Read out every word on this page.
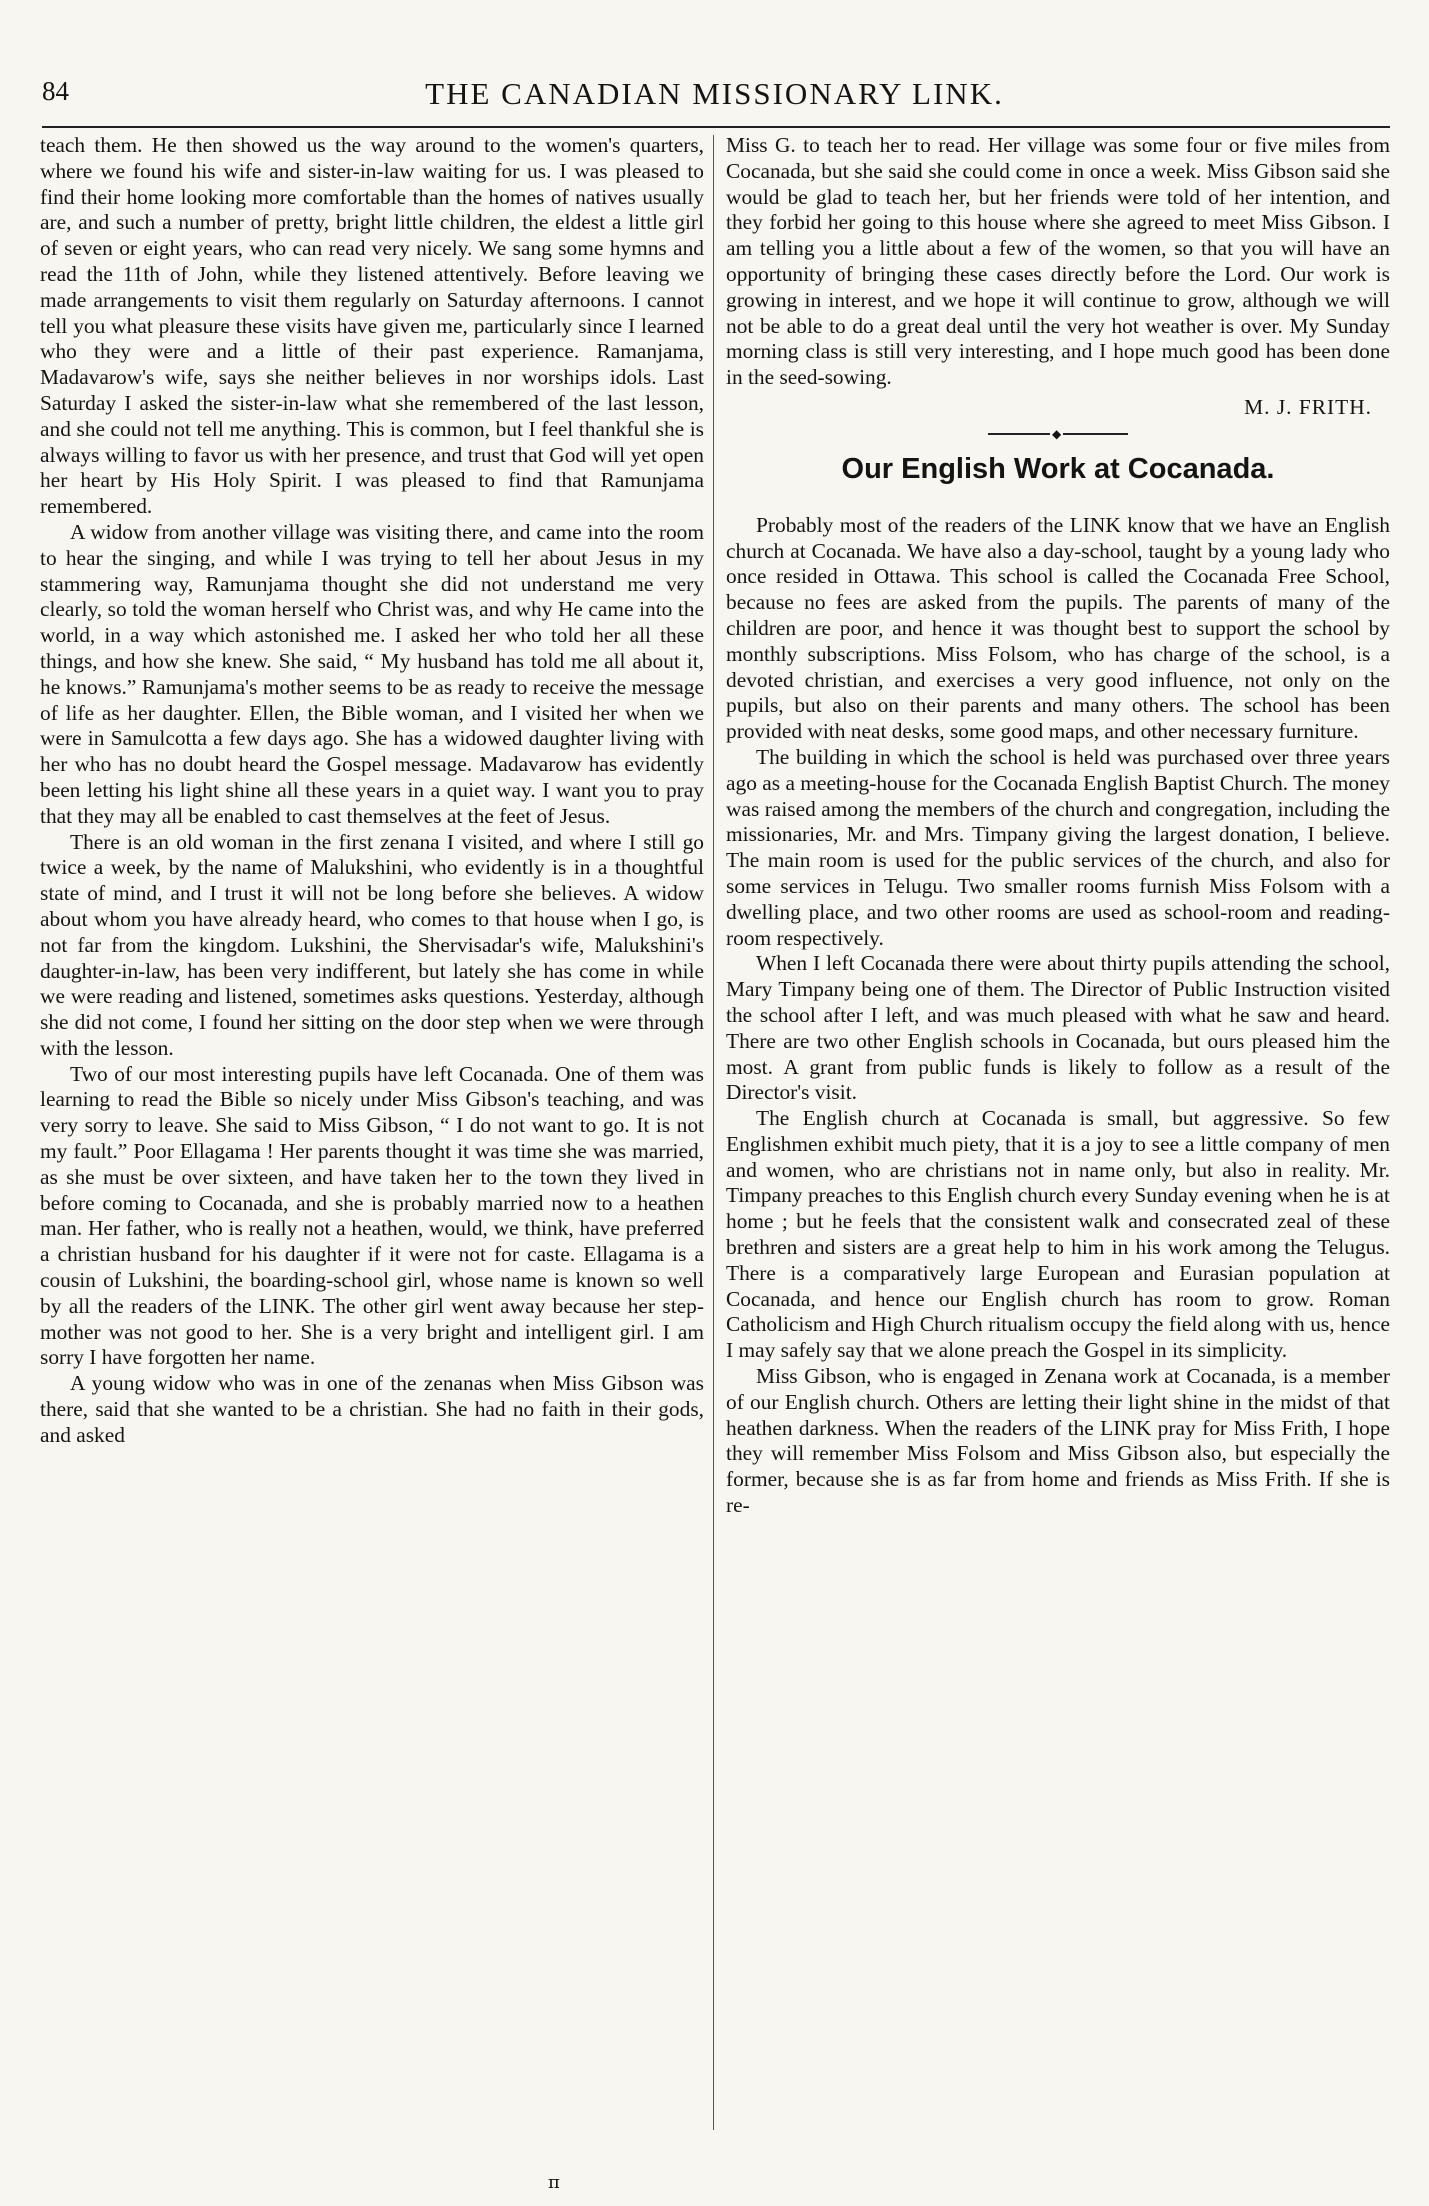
84	THE CANADIAN MISSIONARY LINK.

teach them. He then showed us the way around to the women's quarters, where we found his wife and sister-in-law waiting for us. I was pleased to find their home looking more comfortable than the homes of natives usually are, and such a number of pretty, bright little children, the eldest a little girl of seven or eight years, who can read very nicely. We sang some hymns and read the 11th of John, while they listened attentively. Before leaving we made arrangements to visit them regularly on Saturday afternoons. I cannot tell you what pleasure these visits have given me, particularly since I learned who they were and a little of their past experience. Ramanjama, Madavarow's wife, says she neither believes in nor worships idols. Last Saturday I asked the sister-in-law what she remembered of the last lesson, and she could not tell me anything. This is common, but I feel thankful she is always willing to favor us with her presence, and trust that God will yet open her heart by His Holy Spirit. I was pleased to find that Ramunjama remembered.

A widow from another village was visiting there, and came into the room to hear the singing, and while I was trying to tell her about Jesus in my stammering way, Ramunjama thought she did not understand me very clearly, so told the woman herself who Christ was, and why He came into the world, in a way which astonished me. I asked her who told her all these things, and how she knew. She said, “ My husband has told me all about it, he knows.” Ramunjama's mother seems to be as ready to receive the message of life as her daughter. Ellen, the Bible woman, and I visited her when we were in Samulcotta a few days ago. She has a widowed daughter living with her who has no doubt heard the Gospel message. Madavarow has evidently been letting his light shine all these years in a quiet way. I want you to pray that they may all be enabled to cast themselves at the feet of Jesus.

There is an old woman in the first zenana I visited, and where I still go twice a week, by the name of Malukshini, who evidently is in a thoughtful state of mind, and I trust it will not be long before she believes. A widow about whom you have already heard, who comes to that house when I go, is not far from the kingdom. Lukshini, the Shervisadar's wife, Malukshini's daughter-in-law, has been very indifferent, but lately she has come in while we were reading and listened, sometimes asks questions. Yesterday, although she did not come, I found her sitting on the door step when we were through with the lesson.

Two of our most interesting pupils have left Cocanada. One of them was learning to read the Bible so nicely under Miss Gibson's teaching, and was very sorry to leave. She said to Miss Gibson, “ I do not want to go. It is not my fault.” Poor Ellagama ! Her parents thought it was time she was married, as she must be over sixteen, and have taken her to the town they lived in before coming to Cocanada, and she is probably married now to a heathen man. Her father, who is really not a heathen, would, we think, have preferred a christian husband for his daughter if it were not for caste. Ellagama is a cousin of Lukshini, the boarding-school girl, whose name is known so well by all the readers of the LINK. The other girl went away because her step-mother was not good to her. She is a very bright and intelligent girl. I am sorry I have forgotten her name.

A young widow who was in one of the zenanas when Miss Gibson was there, said that she wanted to be a christian. She had no faith in their gods, and asked

Miss G. to teach her to read. Her village was some four or five miles from Cocanada, but she said she could come in once a week. Miss Gibson said she would be glad to teach her, but her friends were told of her intention, and they forbid her going to this house where she agreed to meet Miss Gibson. I am telling you a little about a few of the women, so that you will have an opportunity of bringing these cases directly before the Lord. Our work is growing in interest, and we hope it will continue to grow, although we will not be able to do a great deal until the very hot weather is over. My Sunday morning class is still very interesting, and I hope much good has been done in the seed-sowing.

M. J. FRITH.
◆
Our English Work at Cocanada.

Probably most of the readers of the LINK know that we have an English church at Cocanada. We have also a day-school, taught by a young lady who once resided in Ottawa. This school is called the Cocanada Free School, because no fees are asked from the pupils. The parents of many of the children are poor, and hence it was thought best to support the school by monthly subscriptions. Miss Folsom, who has charge of the school, is a devoted christian, and exercises a very good influence, not only on the pupils, but also on their parents and many others. The school has been provided with neat desks, some good maps, and other necessary furniture.

The building in which the school is held was purchased over three years ago as a meeting-house for the Cocanada English Baptist Church. The money was raised among the members of the church and congregation, including the missionaries, Mr. and Mrs. Timpany giving the largest donation, I believe. The main room is used for the public services of the church, and also for some services in Telugu. Two smaller rooms furnish Miss Folsom with a dwelling place, and two other rooms are used as school-room and reading-room respectively.

When I left Cocanada there were about thirty pupils attending the school, Mary Timpany being one of them. The Director of Public Instruction visited the school after I left, and was much pleased with what he saw and heard. There are two other English schools in Cocanada, but ours pleased him the most. A grant from public funds is likely to follow as a result of the Director's visit.

The English church at Cocanada is small, but aggressive. So few Englishmen exhibit much piety, that it is a joy to see a little company of men and women, who are christians not in name only, but also in reality. Mr. Timpany preaches to this English church every Sunday evening when he is at home ; but he feels that the consistent walk and consecrated zeal of these brethren and sisters are a great help to him in his work among the Telugus. There is a comparatively large European and Eurasian population at Cocanada, and hence our English church has room to grow. Roman Catholicism and High Church ritualism occupy the field along with us, hence I may safely say that we alone preach the Gospel in its simplicity.

Miss Gibson, who is engaged in Zenana work at Cocanada, is a member of our English church. Others are letting their light shine in the midst of that heathen darkness. When the readers of the LINK pray for Miss Frith, I hope they will remember Miss Folsom and Miss Gibson also, but especially the former, because she is as far from home and friends as Miss Frith. If she is re-

π
